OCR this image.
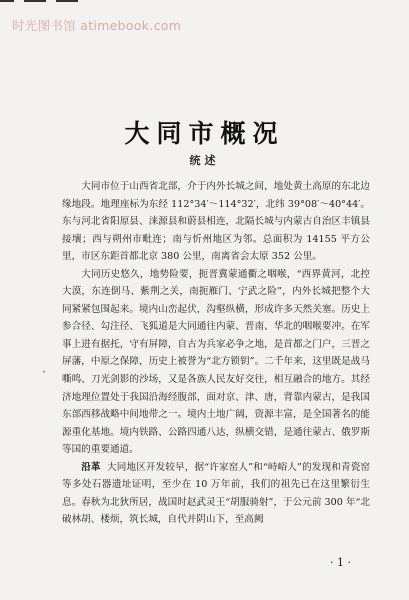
时光图书馆 atimebook.com
大同市概况
统述

大同市位于山西省北部，介于内外长城之间，地处黄土高原的东北边缘地段。地理座标为东经 112°34′～114°32′，北纬 39°08′～40°44′。东与河北省阳原县、涞源县和蔚县相连，北隔长城与内蒙古自治区丰镇县接壤；西与朔州市毗连；南与忻州地区为邻。总面积为 14155 平方公里，市区东距首都北京 380 公里，南离省会太原 352 公里。

大同历史悠久，地势险要，扼晋冀蒙通衢之咽喉，“西界黄河，北控大漠，东连倒马、紫荆之关，南扼雁门、宁武之险”，内外长城把整个大同紧紧包围起来。境内山峦起伏，沟壑纵横，形成许多天然关塞。历史上参合径、勾注径、飞狐道是大同通往内蒙、晋南、华北的咽喉要冲。在军事上进有据托，守有屏障，自古为兵家必争之地，是首都之门户，三晋之屏藩，中原之保障，历史上被誉为“北方锁钥”。二千年来，这里既是战马嘶鸣、刀光剑影的沙场，又是各族人民友好交往，相互融合的地方。其经济地理位置处于我国沿海经腹部，面对京、津、唐，背靠内蒙古，是我国东部西移战略中间地带之一。境内土地广阔，资源丰富，是全国著名的能源重化基地。境内铁路、公路四通八达，纵横交错，是通往蒙古、俄罗斯等国的重要通道。

沿革 大同地区开发较早，据“许家窑人”和“峙峪人”的发现和青瓷窑等多处石器遗址证明，至少在 10 万年前，我们的祖先已在这里繁衍生息。春秋为北狄所居，战国时赵武灵王“胡服骑射”，于公元前 300 年“北破林胡、楼烦，筑长城，自代并阴山下，至高阙

·
· 1 ·
